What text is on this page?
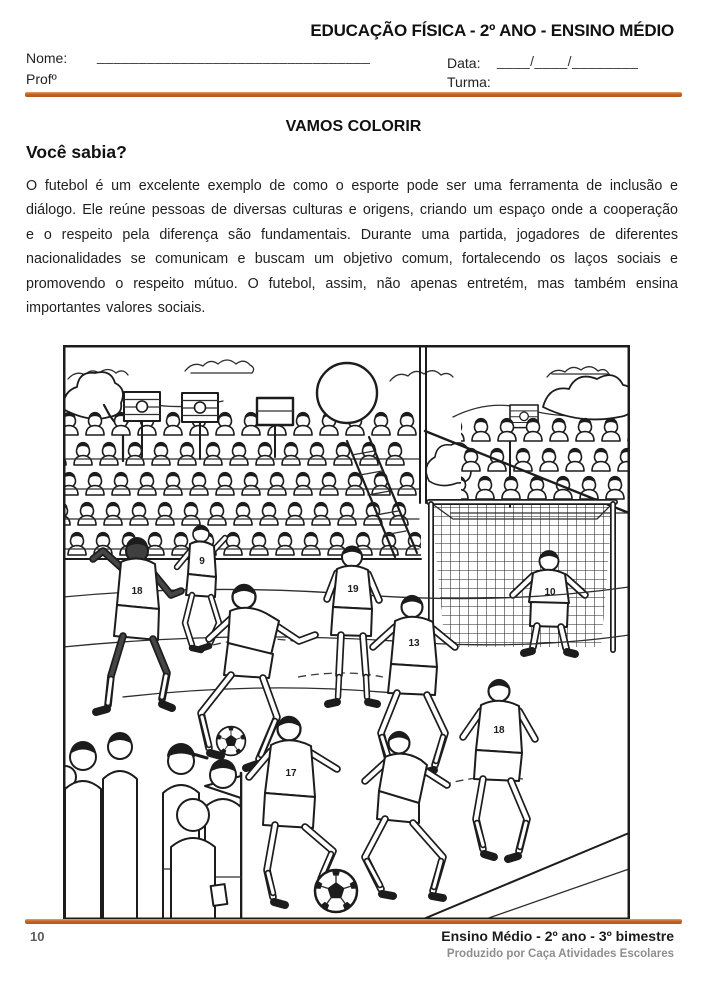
EDUCAÇÃO FÍSICA - 2º ANO - ENSINO MÉDIO
Nome: _________________________________
Profº
Data: ____/____/________
Turma:
VAMOS COLORIR
Você sabia?
O futebol é um excelente exemplo de como o esporte pode ser uma ferramenta de inclusão e diálogo. Ele reúne pessoas de diversas culturas e origens, criando um espaço onde a cooperação e o respeito pela diferença são fundamentais. Durante uma partida, jogadores de diferentes nacionalidades se comunicam e buscam um objetivo comum, fortalecendo os laços sociais e promovendo o respeito mútuo. O futebol, assim, não apenas entretém, mas também ensina importantes valores sociais.
10
18
9
19
13
17
18
10	Ensino Médio - 2º ano - 3º bimestre
Produzido por Caça Atividades Escolares
